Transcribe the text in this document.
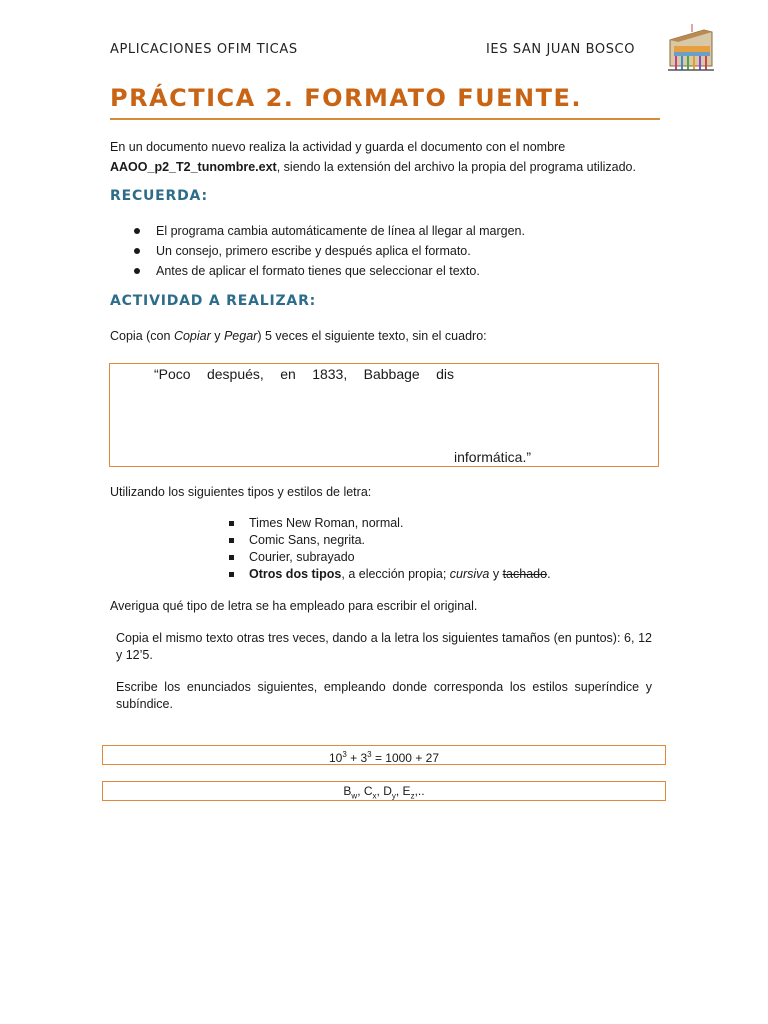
APLICACIONES OFIM TICAS	IES SAN JUAN BOSCO
PRÁCTICA 2. FORMATO FUENTE.
En un documento nuevo realiza la actividad y guarda el documento con el nombre
AAOO_p2_T2_tunombre.ext, siendo la extensión del archivo la propia del programa utilizado.
RECUERDA:
El programa cambia automáticamente de línea al llegar al margen.
Un consejo, primero escribe y después aplica el formato.
Antes de aplicar el formato tienes que seleccionar el texto.
ACTIVIDAD A REALIZAR:
Copia (con Copiar y Pegar) 5 veces el siguiente texto, sin el cuadro:
“Poco después, en 1833, Babbage dis
informática.”
Utilizando los siguientes tipos y estilos de letra:
Times New Roman, normal.
Comic Sans, negrita.
Courier, subrayado
Otros dos tipos, a elección propia; cursiva y tachado.
Averigua qué tipo de letra se ha empleado para escribir el original.
Copia el mismo texto otras tres veces, dando a la letra los siguientes tamaños (en puntos): 6, 12 y 12’5.
Escribe los enunciados siguientes, empleando donde corresponda los estilos superíndice y subíndice.
$10^3 + 3^3 = 1000 + 27$
$B_w$, $C_x$, $D_y$, $E_z$,..
